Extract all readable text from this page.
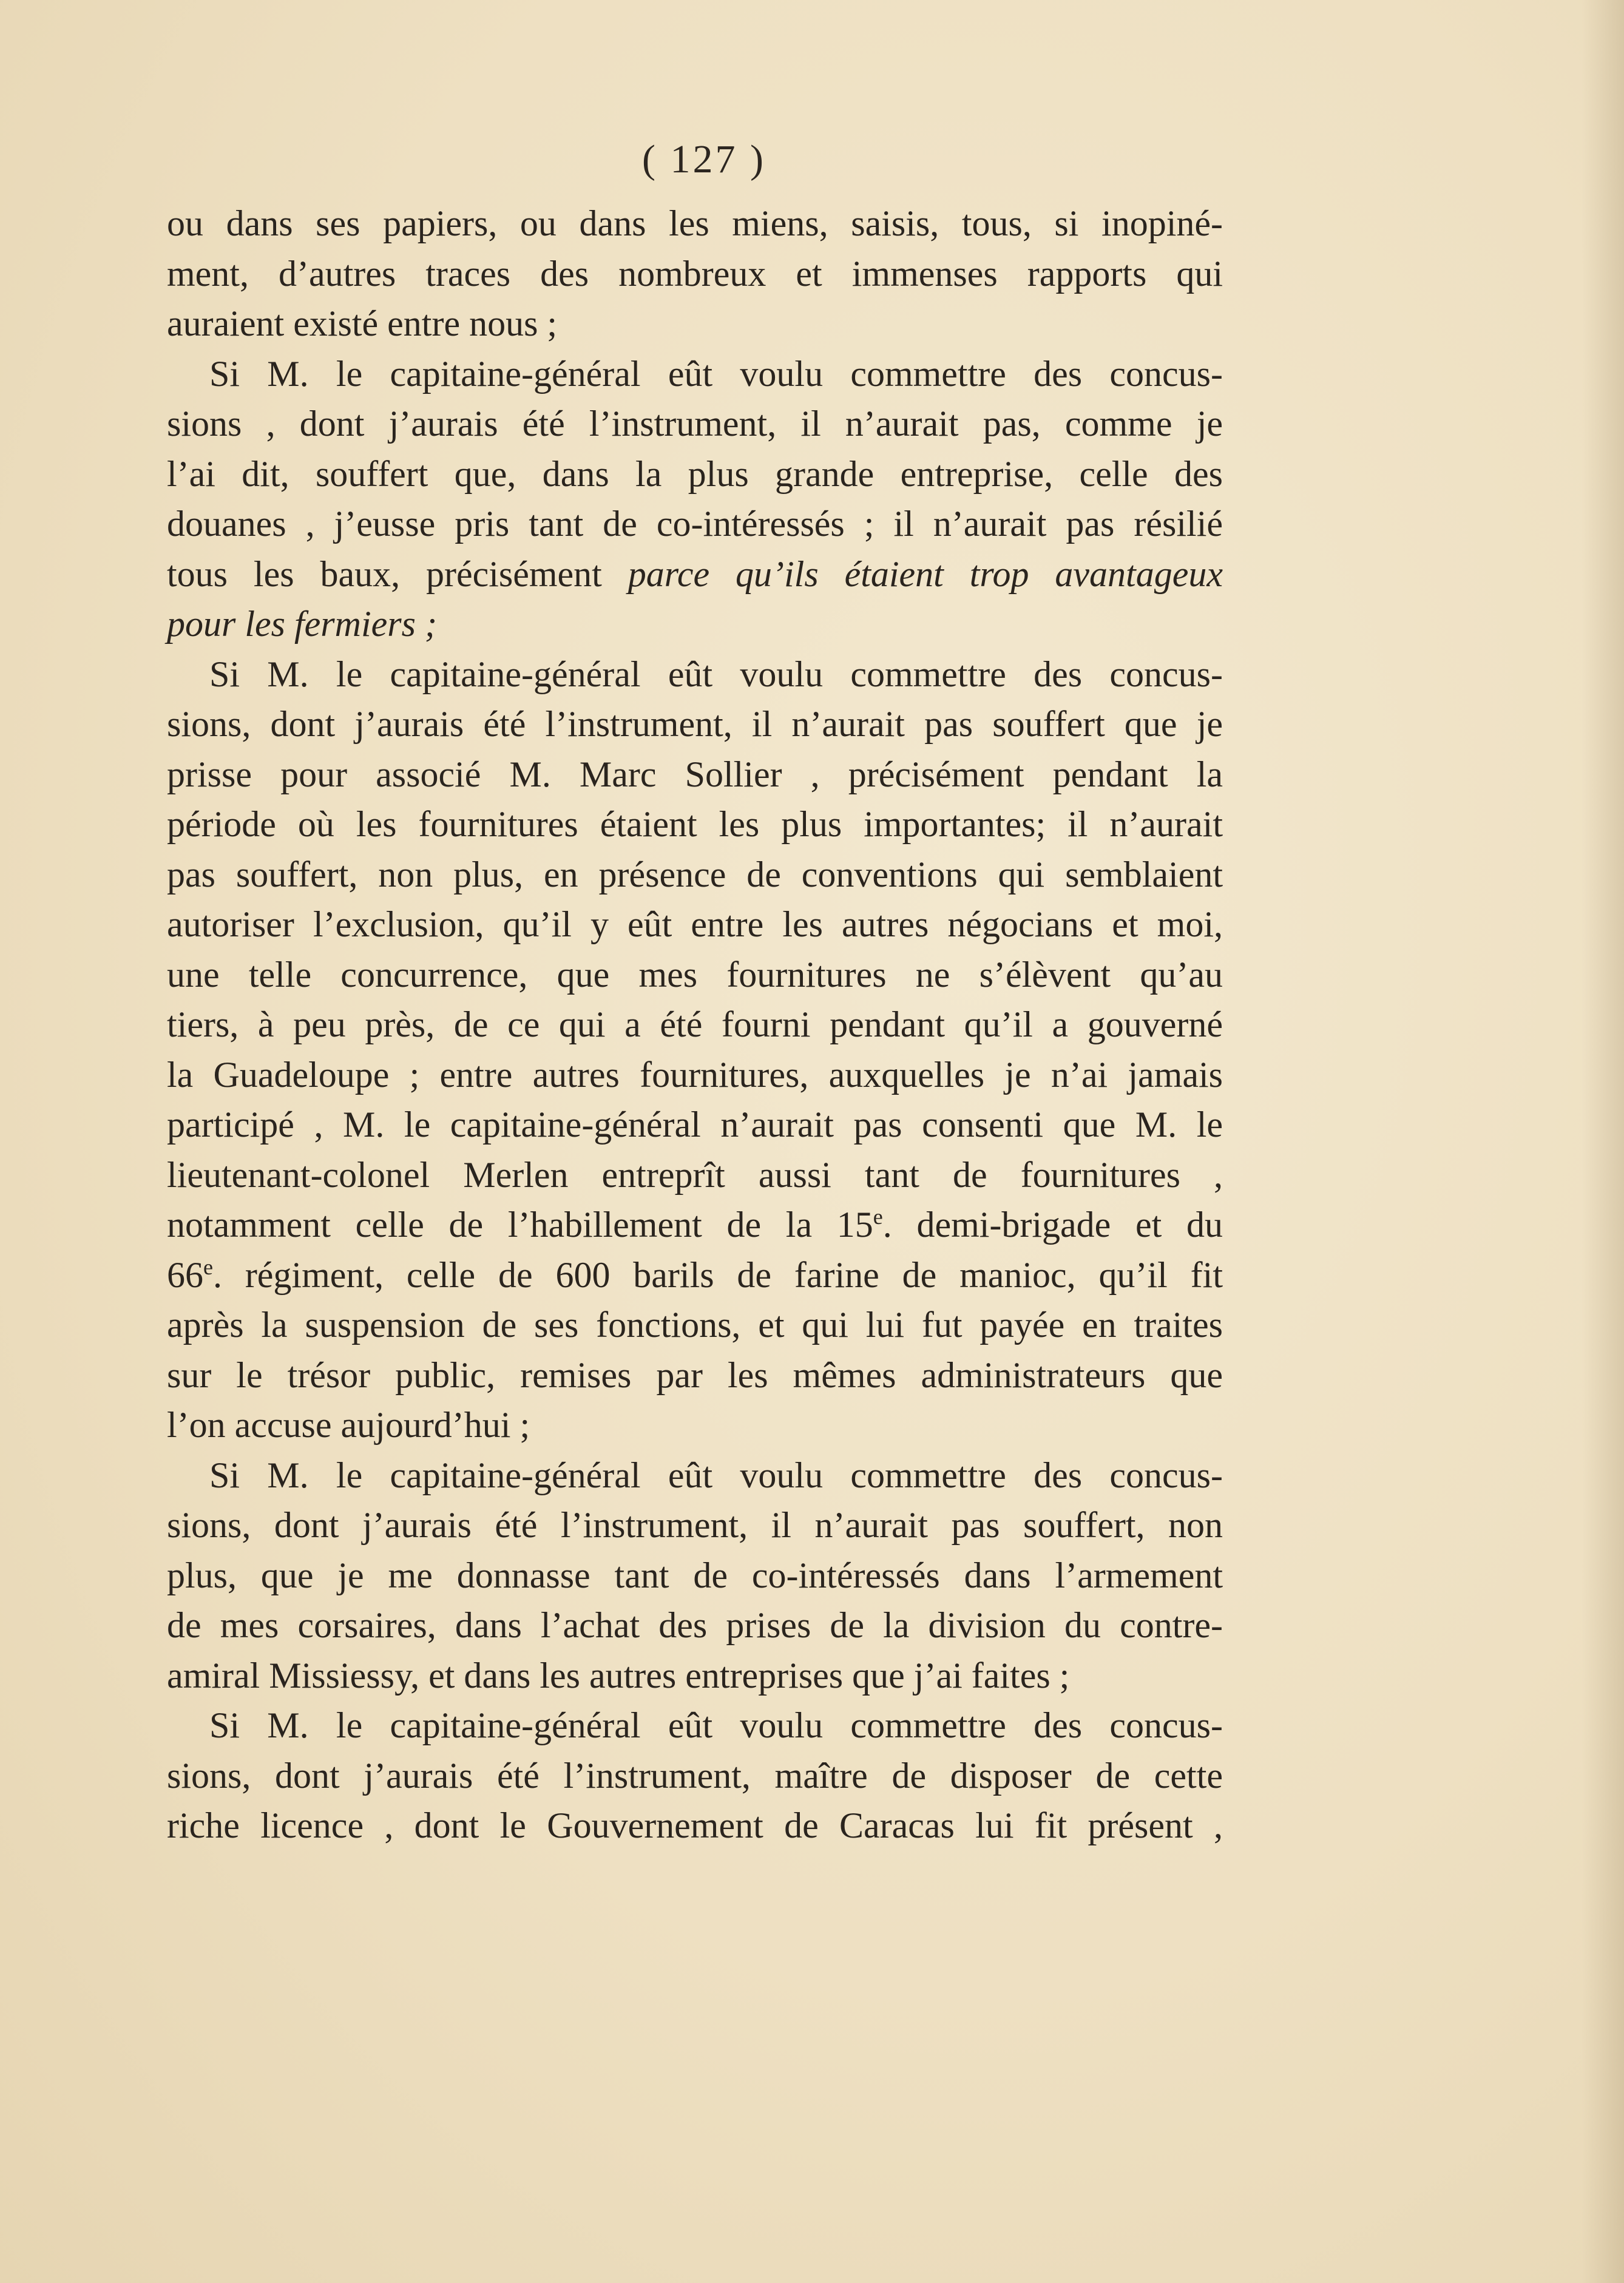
( 127 )
ou dans ses papiers, ou dans les miens, saisis, tous, si inopiné-
ment, d’autres traces des nombreux et immenses rapports qui
auraient existé entre nous ;
Si M. le capitaine-général eût voulu commettre des concus-
sions , dont j’aurais été l’instrument, il n’aurait pas, comme je
l’ai dit, souffert que, dans la plus grande entreprise, celle des
douanes , j’eusse pris tant de co-intéressés ; il n’aurait pas résilié
tous les baux, précisément parce qu’ils étaient trop avantageux
pour les fermiers ;
Si M. le capitaine-général eût voulu commettre des concus-
sions, dont j’aurais été l’instrument, il n’aurait pas souffert que je
prisse pour associé M. Marc Sollier , précisément pendant la
période où les fournitures étaient les plus importantes; il n’aurait
pas souffert, non plus, en présence de conventions qui semblaient
autoriser l’exclusion, qu’il y eût entre les autres négocians et moi,
une telle concurrence, que mes fournitures ne s’élèvent qu’au
tiers, à peu près, de ce qui a été fourni pendant qu’il a gouverné
la Guadeloupe ; entre autres fournitures, auxquelles je n’ai jamais
participé , M. le capitaine-général n’aurait pas consenti que M. le
lieutenant-colonel Merlen entreprît aussi tant de fournitures ,
notamment celle de l’habillement de la 15e. demi-brigade et du
66e. régiment, celle de 600 barils de farine de manioc, qu’il fit
après la suspension de ses fonctions, et qui lui fut payée en traites
sur le trésor public, remises par les mêmes administrateurs que
l’on accuse aujourd’hui ;
Si M. le capitaine-général eût voulu commettre des concus-
sions, dont j’aurais été l’instrument, il n’aurait pas souffert, non
plus, que je me donnasse tant de co-intéressés dans l’armement
de mes corsaires, dans l’achat des prises de la division du contre-
amiral Missiessy, et dans les autres entreprises que j’ai faites ;
Si M. le capitaine-général eût voulu commettre des concus-
sions, dont j’aurais été l’instrument, maître de disposer de cette
riche licence , dont le Gouvernement de Caracas lui fit présent ,
